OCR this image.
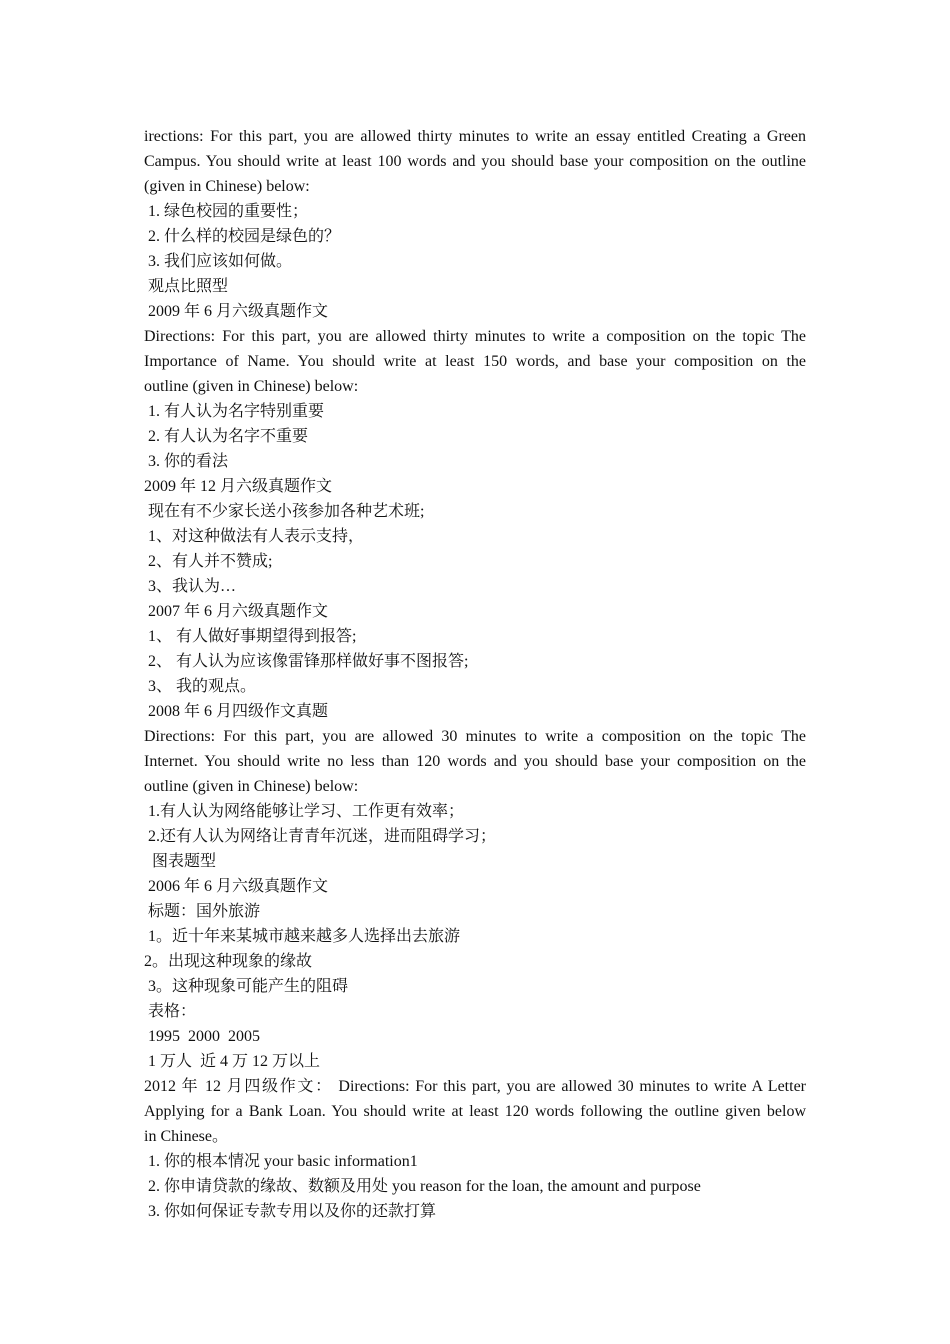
irections: For this part, you are allowed thirty minutes to write an essay entitled Creating a Green
Campus. You should write at least 100 words and you should base your composition on the outline
(given in Chinese) below:
1. 绿色校园的重要性；
2. 什么样的校园是绿色的？
3. 我们应该如何做。
观点比照型
2009 年 6 月六级真题作文
Directions: For this part, you are allowed thirty minutes to write a composition on the topic The
Importance of Name. You should write at least 150 words, and base your composition on the
outline (given in Chinese) below:
1. 有人认为名字特别重要
2. 有人认为名字不重要
3. 你的看法
2009 年 12 月六级真题作文
现在有不少家长送小孩参加各种艺术班;
1、对这种做法有人表示支持，
2、有人并不赞成;
3、我认为…
2007 年 6 月六级真题作文
1、 有人做好事期望得到报答;
2、 有人认为应该像雷锋那样做好事不图报答;
3、 我的观点。
2008 年 6 月四级作文真题
Directions: For this part, you are allowed 30 minutes to write a composition on the topic The
Internet. You should write no less than 120 words and you should base your composition on the
outline (given in Chinese) below:
1.有人认为网络能够让学习、工作更有效率；
2.还有人认为网络让青青年沉迷，进而阻碍学习；
图表题型
2006 年 6 月六级真题作文
标题：国外旅游
1。近十年来某城市越来越多人选择出去旅游
2。出现这种现象的缘故
3。这种现象可能产生的阻碍
表格：
1995  2000  2005
1 万人  近 4 万 12 万以上
2012 年 12 月四级作文： Directions: For this part, you are allowed 30 minutes to write A Letter
Applying for a Bank Loan. You should write at least 120 words following the outline given below
in Chinese。
1. 你的根本情况 your basic information1
2. 你申请贷款的缘故、数额及用处 you reason for the loan, the amount and purpose
3. 你如何保证专款专用以及你的还款打算
